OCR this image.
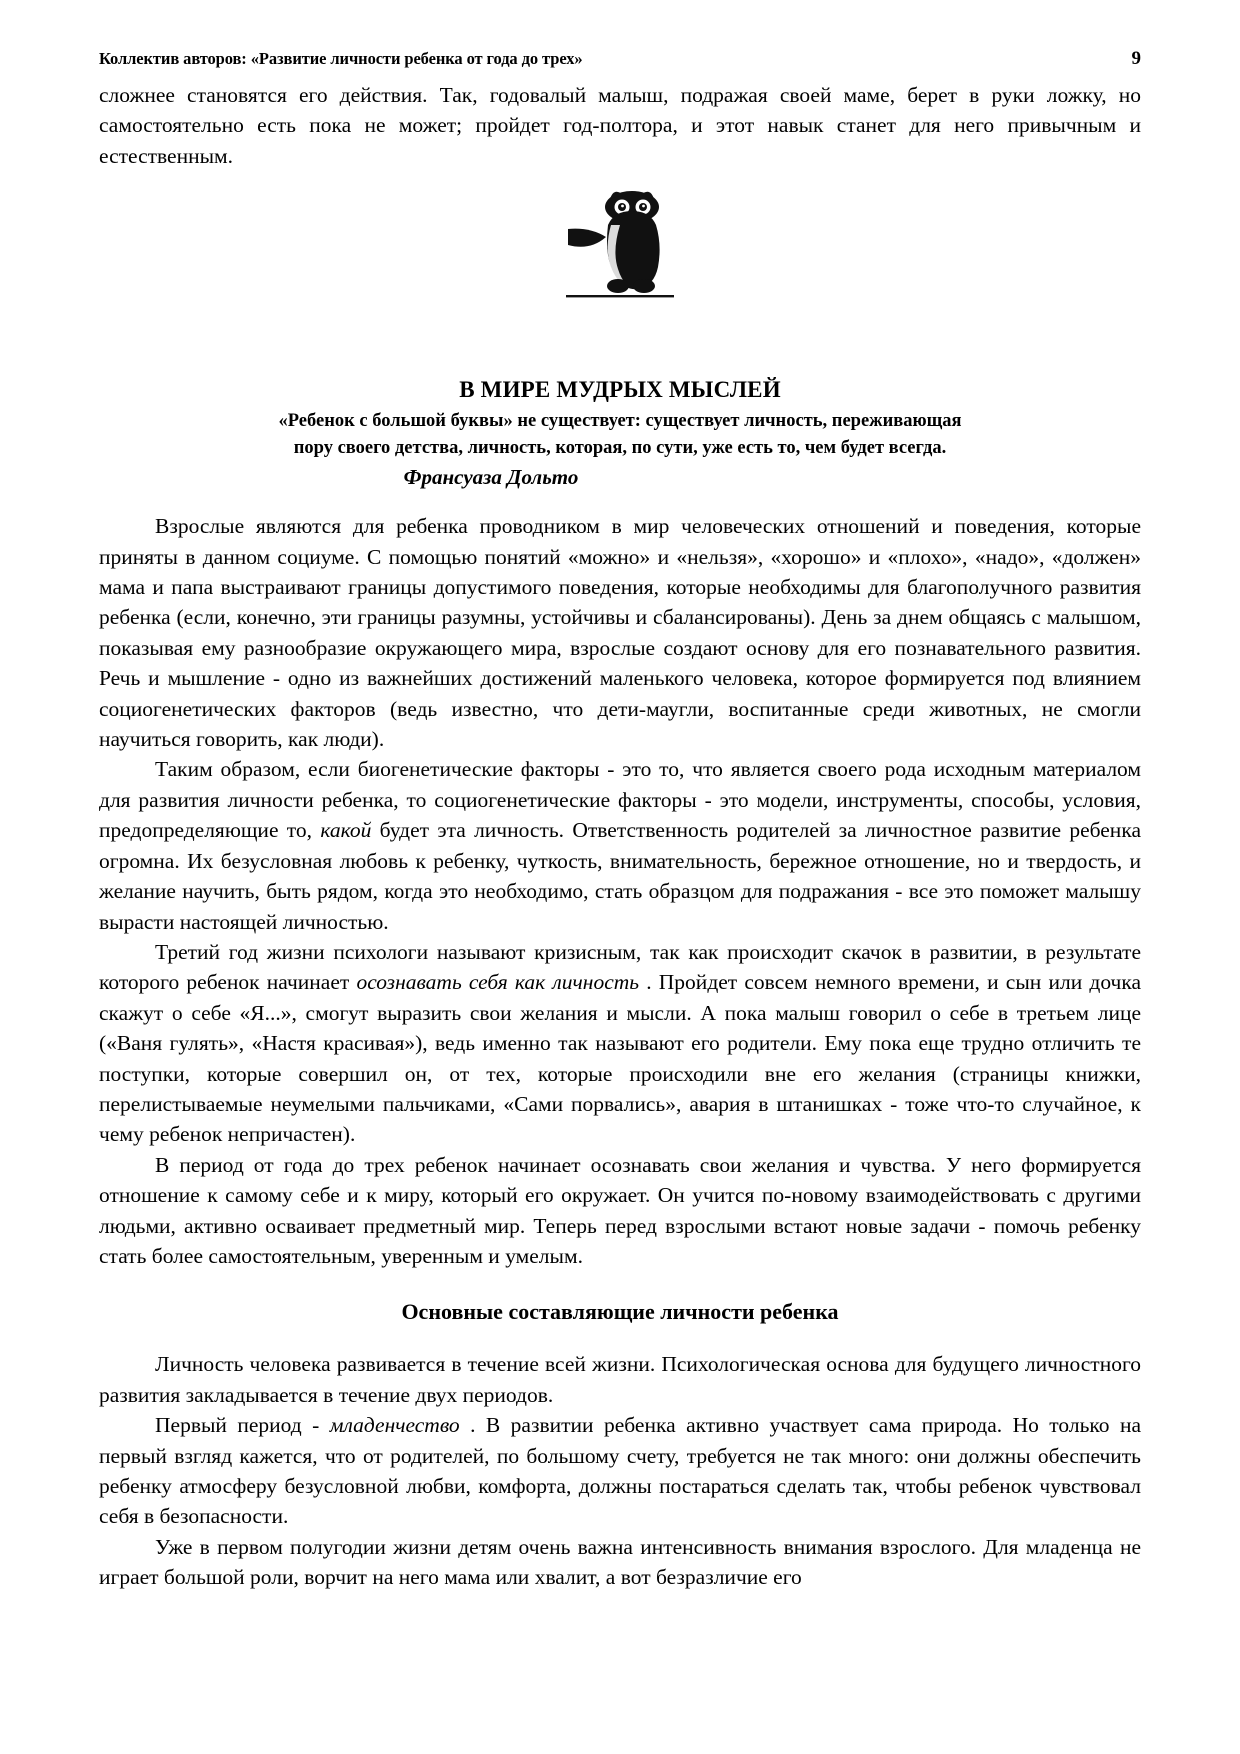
Коллектив авторов: «Развитие личности ребенка от года до трех»	9

сложнее становятся его действия. Так, годовалый малыш, подражая своей маме, берет в руки ложку, но самостоятельно есть пока не может; пройдет год-полтора, и этот навык станет для него привычным и естественным.

В МИРЕ МУДРЫХ МЫСЛЕЙ
«Ребенок с большой буквы» не существует: существует личность, переживающая
пору своего детства, личность, которая, по сути, уже есть то, чем будет всегда.
Франсуаза Дольто

Взрослые являются для ребенка проводником в мир человеческих отношений и поведения, которые приняты в данном социуме. С помощью понятий «можно» и «нельзя», «хорошо» и «плохо», «надо», «должен» мама и папа выстраивают границы допустимого поведения, которые необходимы для благополучного развития ребенка (если, конечно, эти границы разумны, устойчивы и сбалансированы). День за днем общаясь с малышом, показывая ему разнообразие окружающего мира, взрослые создают основу для его познавательного развития. Речь и мышление - одно из важнейших достижений маленького человека, которое формируется под влиянием социогенетических факторов (ведь известно, что дети-маугли, воспитанные среди животных, не смогли научиться говорить, как люди).

Таким образом, если биогенетические факторы - это то, что является своего рода исходным материалом для развития личности ребенка, то социогенетические факторы - это модели, инструменты, способы, условия, предопределяющие то, какой будет эта личность. Ответственность родителей за личностное развитие ребенка огромна. Их безусловная любовь к ребенку, чуткость, внимательность, бережное отношение, но и твердость, и желание научить, быть рядом, когда это необходимо, стать образцом для подражания - все это поможет малышу вырасти настоящей личностью.

Третий год жизни психологи называют кризисным, так как происходит скачок в развитии, в результате которого ребенок начинает осознавать себя как личность . Пройдет совсем немного времени, и сын или дочка скажут о себе «Я...», смогут выразить свои желания и мысли. А пока малыш говорил о себе в третьем лице («Ваня гулять», «Настя красивая»), ведь именно так называют его родители. Ему пока еще трудно отличить те поступки, которые совершил он, от тех, которые происходили вне его желания (страницы книжки, перелистываемые неумелыми пальчиками, «Сами порвались», авария в штанишках - тоже что-то случайное, к чему ребенок непричастен).

В период от года до трех ребенок начинает осознавать свои желания и чувства. У него формируется отношение к самому себе и к миру, который его окружает. Он учится по-новому взаимодействовать с другими людьми, активно осваивает предметный мир. Теперь перед взрослыми встают новые задачи - помочь ребенку стать более самостоятельным, уверенным и умелым.

Основные составляющие личности ребенка

Личность человека развивается в течение всей жизни. Психологическая основа для будущего личностного развития закладывается в течение двух периодов.

Первый период - младенчество . В развитии ребенка активно участвует сама природа. Но только на первый взгляд кажется, что от родителей, по большому счету, требуется не так много: они должны обеспечить ребенку атмосферу безусловной любви, комфорта, должны постараться сделать так, чтобы ребенок чувствовал себя в безопасности.

Уже в первом полугодии жизни детям очень важна интенсивность внимания взрослого. Для младенца не играет большой роли, ворчит на него мама или хвалит, а вот безразличие его
